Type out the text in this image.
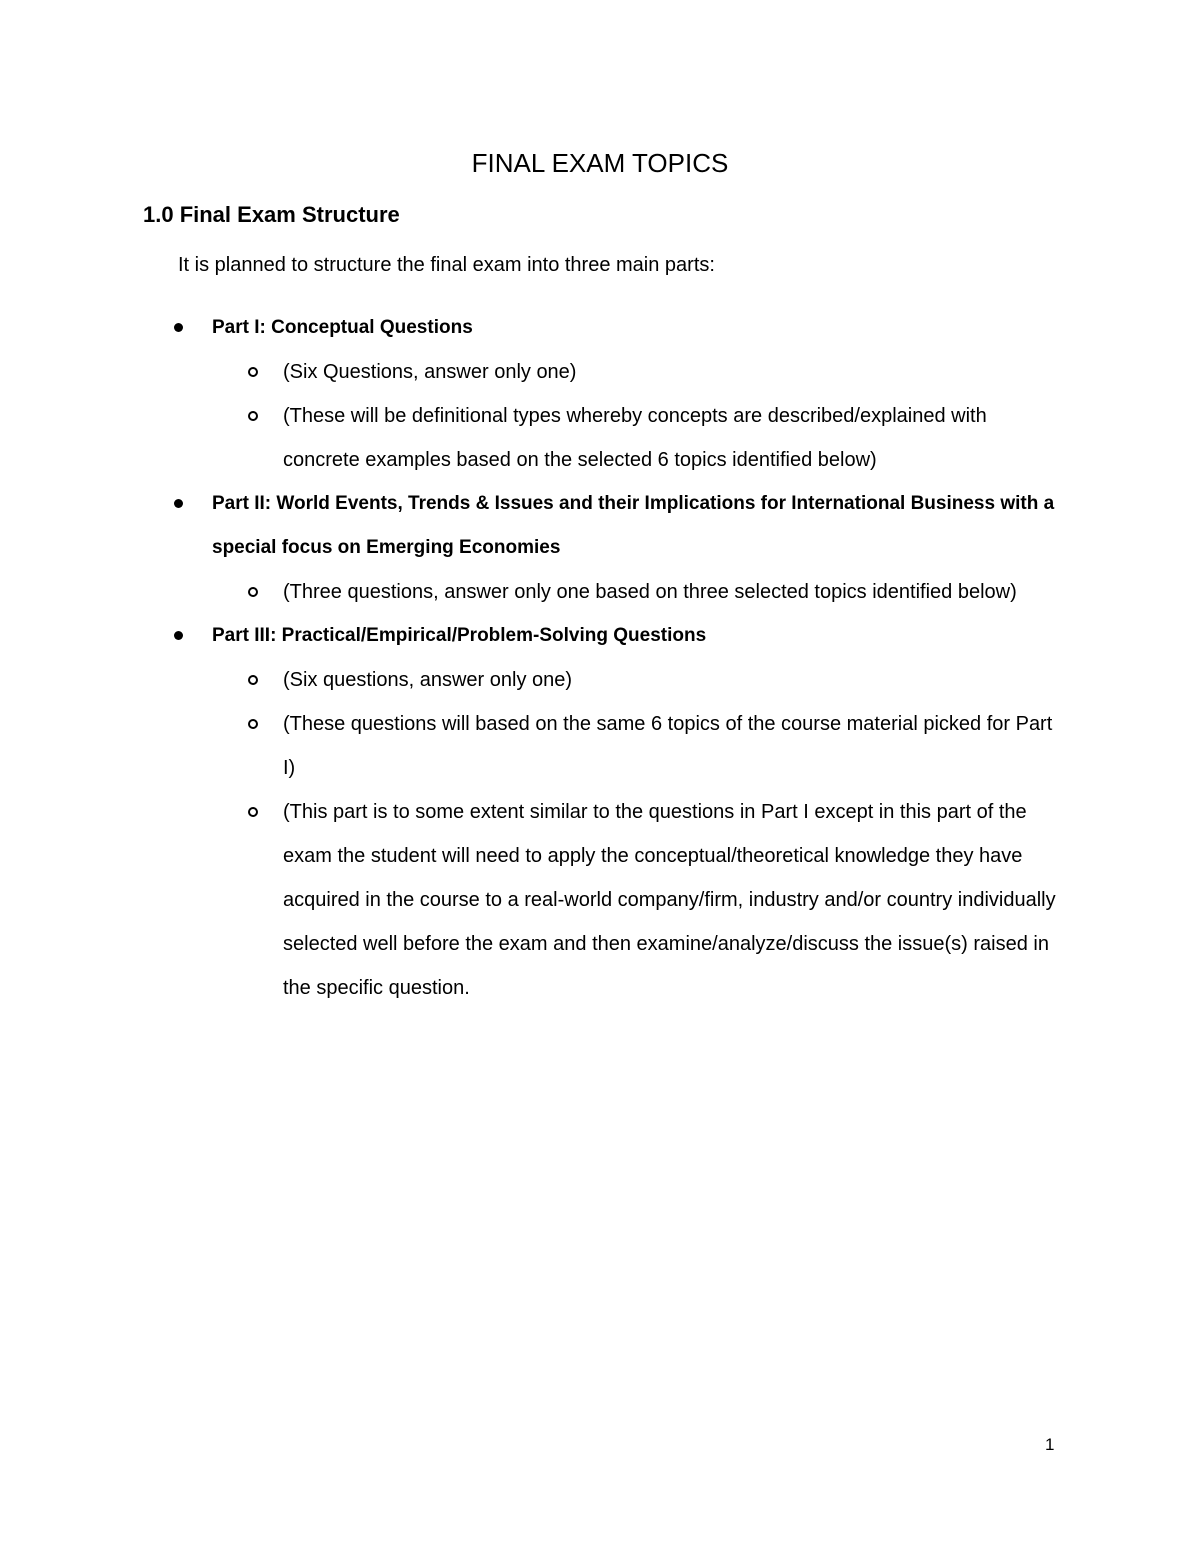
FINAL EXAM TOPICS
1.0 Final Exam Structure

It is planned to structure the final exam into three main parts:

Part I: Conceptual Questions
(Six Questions, answer only one)
(These will be definitional types whereby concepts are described/explained with concrete examples based on the selected 6 topics identified below)
Part II: World Events, Trends & Issues and their Implications for International Business with a special focus on Emerging Economies
(Three questions, answer only one based on three selected topics identified below)
Part III: Practical/Empirical/Problem-Solving Questions
(Six questions, answer only one)
(These questions will based on the same 6 topics of the course material picked for Part I)
(This part is to some extent similar to the questions in Part I except in this part of the exam the student will need to apply the conceptual/theoretical knowledge they have acquired in the course to a real-world company/firm, industry and/or country individually selected well before the exam and then examine/analyze/discuss the issue(s) raised in the specific question.
1
